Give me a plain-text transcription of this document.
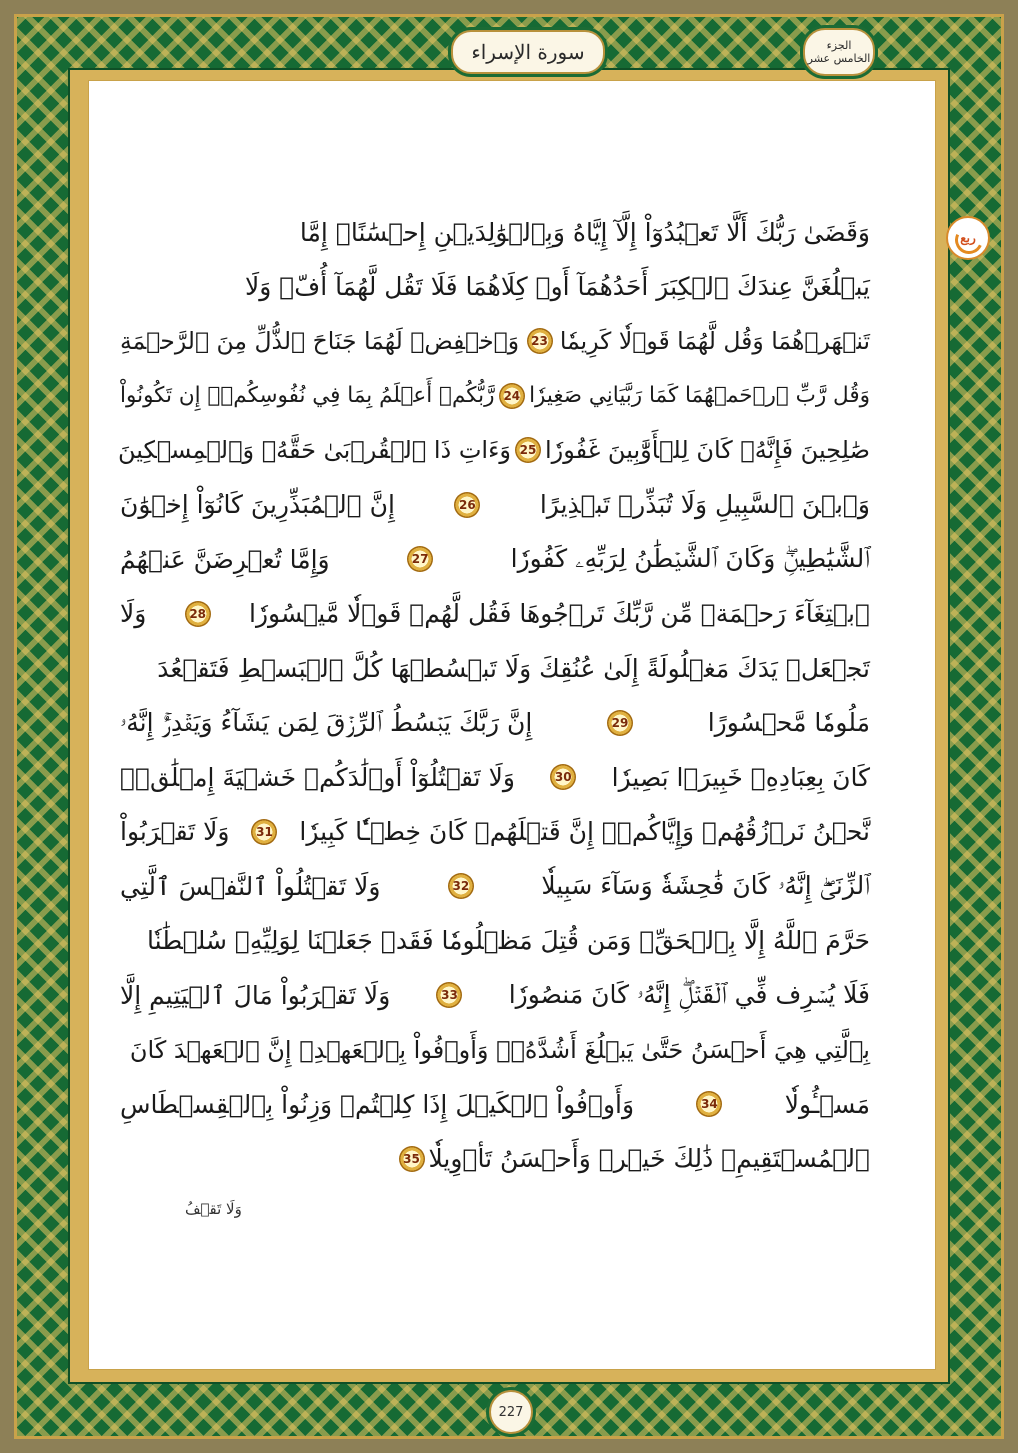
سورة الإسراء	الجزء
الخامس عشر
ربع
وَقَضَىٰ رَبُّكَ أَلَّا تَعۡبُدُوٓاْ إِلَّآ إِيَّاهُ وَبِٱلۡوَٰلِدَيۡنِ إِحۡسَٰنًاۚ إِمَّا
يَبۡلُغَنَّ عِندَكَ ٱلۡكِبَرَ أَحَدُهُمَآ أَوۡ كِلَاهُمَا فَلَا تَقُل لَّهُمَآ أُفّٖ وَلَا
تَنۡهَرۡهُمَا وَقُل لَّهُمَا قَوۡلٗا كَرِيمٗا
23
وَٱخۡفِضۡ لَهُمَا جَنَاحَ ٱلذُّلِّ مِنَ ٱلرَّحۡمَةِ
وَقُل رَّبِّ ٱرۡحَمۡهُمَا كَمَا رَبَّيَانِي صَغِيرٗا
24
رَّبُّكُمۡ أَعۡلَمُ بِمَا فِي نُفُوسِكُمۡۚ إِن تَكُونُواْ
صَٰلِحِينَ فَإِنَّهُۥ كَانَ لِلۡأَوَّٰبِينَ غَفُورٗا
25
وَءَاتِ ذَا ٱلۡقُرۡبَىٰ حَقَّهُۥ وَٱلۡمِسۡكِينَ
وَٱبۡنَ ٱلسَّبِيلِ وَلَا تُبَذِّرۡ تَبۡذِيرًا
26
إِنَّ ٱلۡمُبَذِّرِينَ كَانُوٓاْ إِخۡوَٰنَ
ٱلشَّيَٰطِينِۖ وَكَانَ ٱلشَّيۡطَٰنُ لِرَبِّهِۦ كَفُورٗا
27
وَإِمَّا تُعۡرِضَنَّ عَنۡهُمُ
ٱبۡتِغَآءَ رَحۡمَةٖ مِّن رَّبِّكَ تَرۡجُوهَا فَقُل لَّهُمۡ قَوۡلٗا مَّيۡسُورٗا
28
وَلَا
تَجۡعَلۡ يَدَكَ مَغۡلُولَةً إِلَىٰ عُنُقِكَ وَلَا تَبۡسُطۡهَا كُلَّ ٱلۡبَسۡطِ فَتَقۡعُدَ
مَلُومٗا مَّحۡسُورًا
29
إِنَّ رَبَّكَ يَبۡسُطُ ٱلرِّزۡقَ لِمَن يَشَآءُ وَيَقۡدِرُۚ إِنَّهُۥ
كَانَ بِعِبَادِهِۦ خَبِيرَۢا بَصِيرٗا
30
وَلَا تَقۡتُلُوٓاْ أَوۡلَٰدَكُمۡ خَشۡيَةَ إِمۡلَٰقٖۖ
نَّحۡنُ نَرۡزُقُهُمۡ وَإِيَّاكُمۡۚ إِنَّ قَتۡلَهُمۡ كَانَ خِطۡـٔٗا كَبِيرٗا
31
وَلَا تَقۡرَبُواْ
ٱلزِّنَىٰٓۖ إِنَّهُۥ كَانَ فَٰحِشَةٗ وَسَآءَ سَبِيلٗا
32
وَلَا تَقۡتُلُواْ ٱلنَّفۡسَ ٱلَّتِي
حَرَّمَ ٱللَّهُ إِلَّا بِٱلۡحَقِّۗ وَمَن قُتِلَ مَظۡلُومٗا فَقَدۡ جَعَلۡنَا لِوَلِيِّهِۦ سُلۡطَٰنٗا
فَلَا يُسۡرِف فِّي ٱلۡقَتۡلِۖ إِنَّهُۥ كَانَ مَنصُورٗا
33
وَلَا تَقۡرَبُواْ مَالَ ٱلۡيَتِيمِ إِلَّا
بِٱلَّتِي هِيَ أَحۡسَنُ حَتَّىٰ يَبۡلُغَ أَشُدَّهُۥۚ وَأَوۡفُواْ بِٱلۡعَهۡدِۖ إِنَّ ٱلۡعَهۡدَ كَانَ
مَسۡـُٔولٗا
34
وَأَوۡفُواْ ٱلۡكَيۡلَ إِذَا كِلۡتُمۡ وَزِنُواْ بِٱلۡقِسۡطَاسِ
ٱلۡمُسۡتَقِيمِۚ ذَٰلِكَ خَيۡرٞ وَأَحۡسَنُ تَأۡوِيلٗا
35
وَلَا تَقۡفُ
227
